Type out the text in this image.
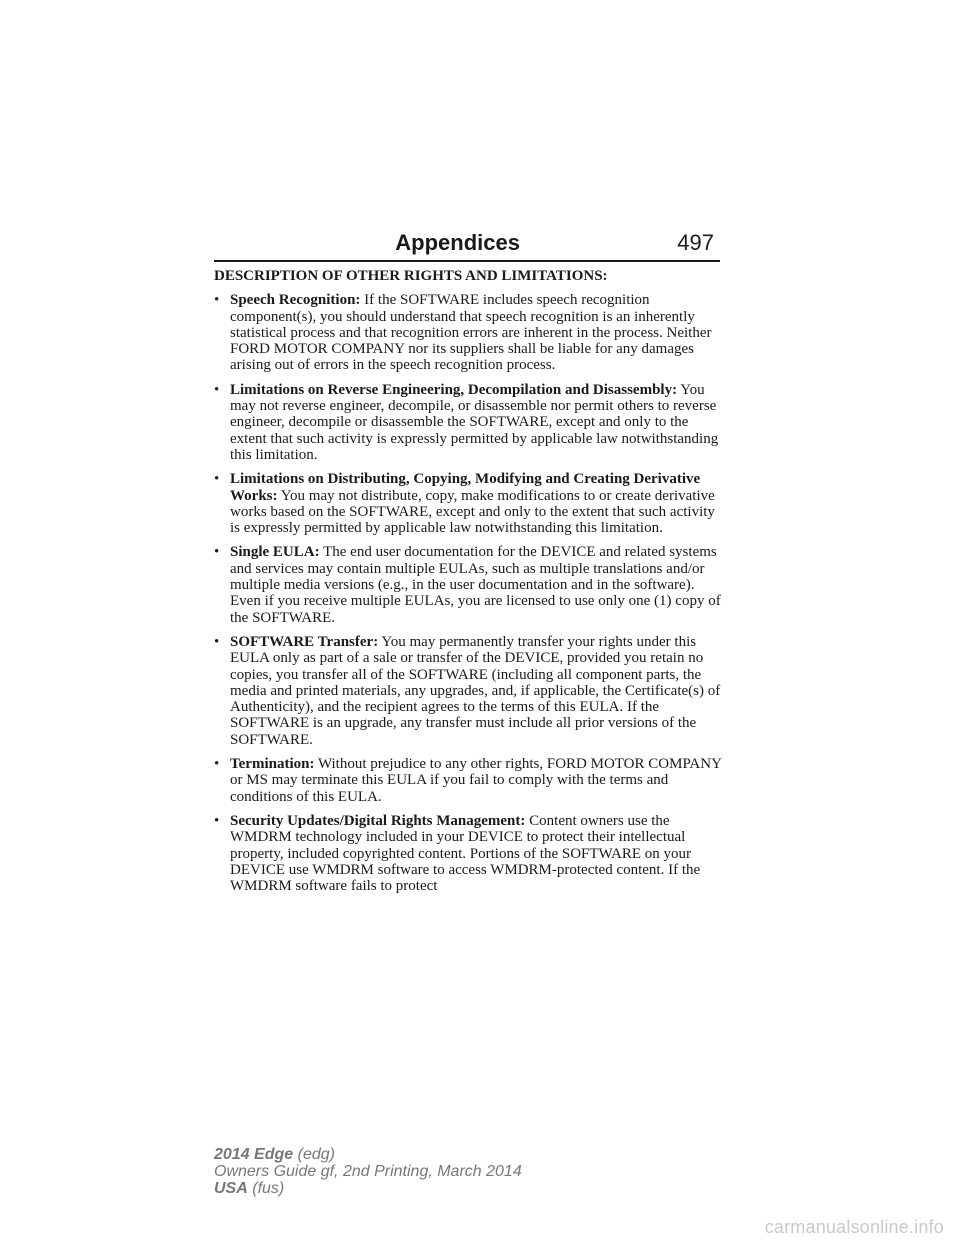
Appendices	497
DESCRIPTION OF OTHER RIGHTS AND LIMITATIONS:
• Speech Recognition: If the SOFTWARE includes speech recognition component(s), you should understand that speech recognition is an inherently statistical process and that recognition errors are inherent in the process. Neither FORD MOTOR COMPANY nor its suppliers shall be liable for any damages arising out of errors in the speech recognition process.
• Limitations on Reverse Engineering, Decompilation and Disassembly: You may not reverse engineer, decompile, or disassemble nor permit others to reverse engineer, decompile or disassemble the SOFTWARE, except and only to the extent that such activity is expressly permitted by applicable law notwithstanding this limitation.
• Limitations on Distributing, Copying, Modifying and Creating Derivative Works: You may not distribute, copy, make modifications to or create derivative works based on the SOFTWARE, except and only to the extent that such activity is expressly permitted by applicable law notwithstanding this limitation.
• Single EULA: The end user documentation for the DEVICE and related systems and services may contain multiple EULAs, such as multiple translations and/or multiple media versions (e.g., in the user documentation and in the software). Even if you receive multiple EULAs, you are licensed to use only one (1) copy of the SOFTWARE.
• SOFTWARE Transfer: You may permanently transfer your rights under this EULA only as part of a sale or transfer of the DEVICE, provided you retain no copies, you transfer all of the SOFTWARE (including all component parts, the media and printed materials, any upgrades, and, if applicable, the Certificate(s) of Authenticity), and the recipient agrees to the terms of this EULA. If the SOFTWARE is an upgrade, any transfer must include all prior versions of the SOFTWARE.
• Termination: Without prejudice to any other rights, FORD MOTOR COMPANY or MS may terminate this EULA if you fail to comply with the terms and conditions of this EULA.
• Security Updates/Digital Rights Management: Content owners use the WMDRM technology included in your DEVICE to protect their intellectual property, included copyrighted content. Portions of the SOFTWARE on your DEVICE use WMDRM software to access WMDRM-protected content. If the WMDRM software fails to protect
2014 Edge (edg)
Owners Guide gf, 2nd Printing, March 2014
USA (fus)
carmanualsonline.info
